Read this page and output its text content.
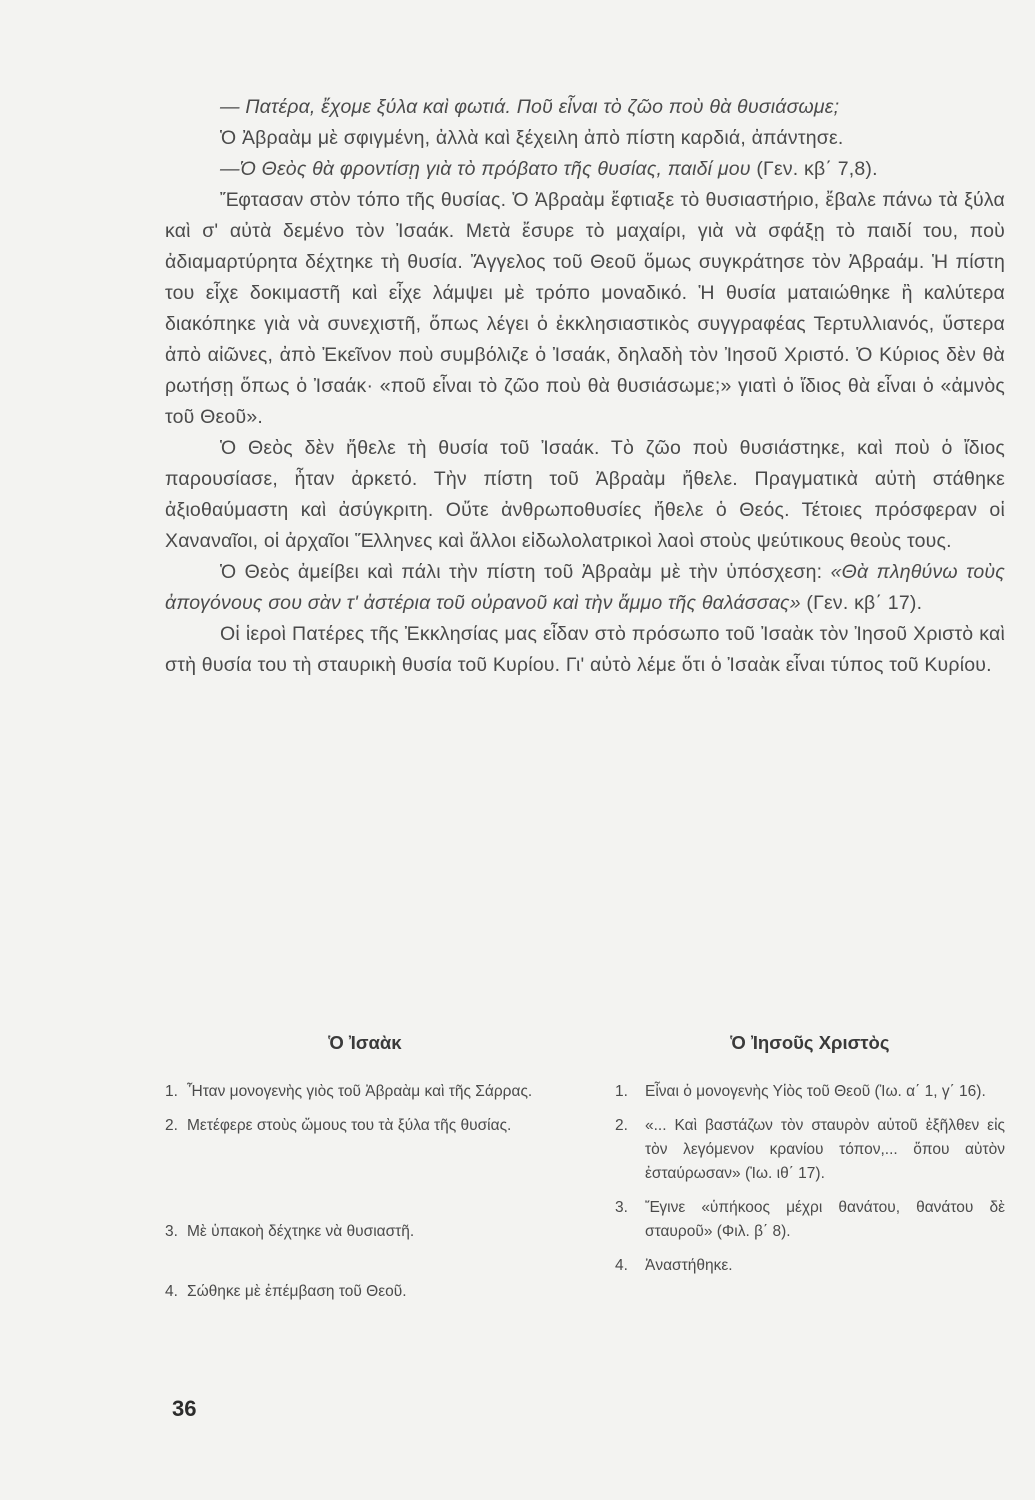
— Πατέρα, ἔχομε ξύλα καὶ φωτιά. Ποῦ εἶναι τὸ ζῶο ποὺ θὰ θυσιάσωμε;

Ὁ Ἀβραὰμ μὲ σφιγμένη, ἀλλὰ καὶ ξέχειλη ἀπὸ πίστη καρδιά, ἀπάντησε.

—Ὁ Θεὸς θὰ φροντίσῃ γιὰ τὸ πρόβατο τῆς θυσίας, παιδί μου (Γεν. κβ΄ 7,8).

Ἔφτασαν στὸν τόπο τῆς θυσίας. Ὁ Ἀβραὰμ ἔφτιαξε τὸ θυσιαστήριο, ἔβαλε πάνω τὰ ξύλα καὶ σ' αὐτὰ δεμένο τὸν Ἰσαάκ. Μετὰ ἔσυρε τὸ μαχαίρι, γιὰ νὰ σφάξῃ τὸ παιδί του, ποὺ ἀδιαμαρτύρητα δέχτηκε τὴ θυσία. Ἄγγελος τοῦ Θεοῦ ὅμως συγκράτησε τὸν Ἀβραάμ. Ἡ πίστη του εἶχε δοκιμαστῆ καὶ εἶχε λάμψει μὲ τρόπο μοναδικό. Ἡ θυσία ματαιώθηκε ἢ καλύτερα διακόπηκε γιὰ νὰ συνεχιστῆ, ὅπως λέγει ὁ ἐκκλησιαστικὸς συγγραφέας Τερτυλλιανός, ὕστερα ἀπὸ αἰῶνες, ἀπὸ Ἐκεῖνον ποὺ συμβόλιζε ὁ Ἰσαάκ, δηλαδὴ τὸν Ἰησοῦ Χριστό. Ὁ Κύριος δὲν θὰ ρωτήσῃ ὅπως ὁ Ἰσαάκ· «ποῦ εἶναι τὸ ζῶο ποὺ θὰ θυσιάσωμε;» γιατὶ ὁ ἴδιος θὰ εἶναι ὁ «ἀμνὸς τοῦ Θεοῦ».

Ὁ Θεὸς δὲν ἤθελε τὴ θυσία τοῦ Ἰσαάκ. Τὸ ζῶο ποὺ θυσιάστηκε, καὶ ποὺ ὁ ἴδιος παρουσίασε, ἦταν ἀρκετό. Τὴν πίστη τοῦ Ἀβραὰμ ἤθελε. Πραγματικὰ αὐτὴ στάθηκε ἀξιοθαύμαστη καὶ ἀσύγκριτη. Οὔτε ἀνθρωποθυσίες ἤθελε ὁ Θεός. Τέτοιες πρόσφεραν οἱ Χαναναῖοι, οἱ ἀρχαῖοι Ἕλληνες καὶ ἄλλοι εἰδωλολατρικοὶ λαοὶ στοὺς ψεύτικους θεοὺς τους.

Ὁ Θεὸς ἀμείβει καὶ πάλι τὴν πίστη τοῦ Ἀβραὰμ μὲ τὴν ὑπόσχεση: «Θὰ πληθύνω τοὺς ἀπογόνους σου σὰν τ' ἀστέρια τοῦ οὐρανοῦ καὶ τὴν ἄμμο τῆς θαλάσσας» (Γεν. κβ΄ 17).

Οἱ ἱεροὶ Πατέρες τῆς Ἐκκλησίας μας εἶδαν στὸ πρόσωπο τοῦ Ἰσαὰκ τὸν Ἰησοῦ Χριστὸ καὶ στὴ θυσία του τὴ σταυρικὴ θυσία τοῦ Κυρίου. Γι' αὐτὸ λέμε ὅτι ὁ Ἰσαὰκ εἶναι τύπος τοῦ Κυρίου.

Ὁ Ἰσαὰκ

1. Ἦταν μονογενὴς γιὸς τοῦ Ἀβραὰμ καὶ τῆς Σάρρας.
2. Μετέφερε στοὺς ὤμους του τὰ ξύλα τῆς θυσίας.
3. Μὲ ὑπακοὴ δέχτηκε νὰ θυσιαστῆ.
4. Σώθηκε μὲ ἐπέμβαση τοῦ Θεοῦ.

Ὁ Ἰησοῦς Χριστὸς

1.	Εἶναι ὁ μονογενὴς Υἱὸς τοῦ Θεοῦ (Ἰω. α΄ 1, γ΄ 16).
2.	«... Καὶ βαστάζων τὸν σταυρὸν αὐτοῦ ἐξῆλθεν εἰς τὸν λεγόμενον κρανίου τόπον,... ὅπου αὐτὸν ἐσταύρωσαν» (Ἰω. ιθ΄ 17).
3.	Ἔγινε «ὑπήκοος μέχρι θανάτου, θανάτου δὲ σταυροῦ» (Φιλ. β΄ 8).
4.	Ἀναστήθηκε.
36
